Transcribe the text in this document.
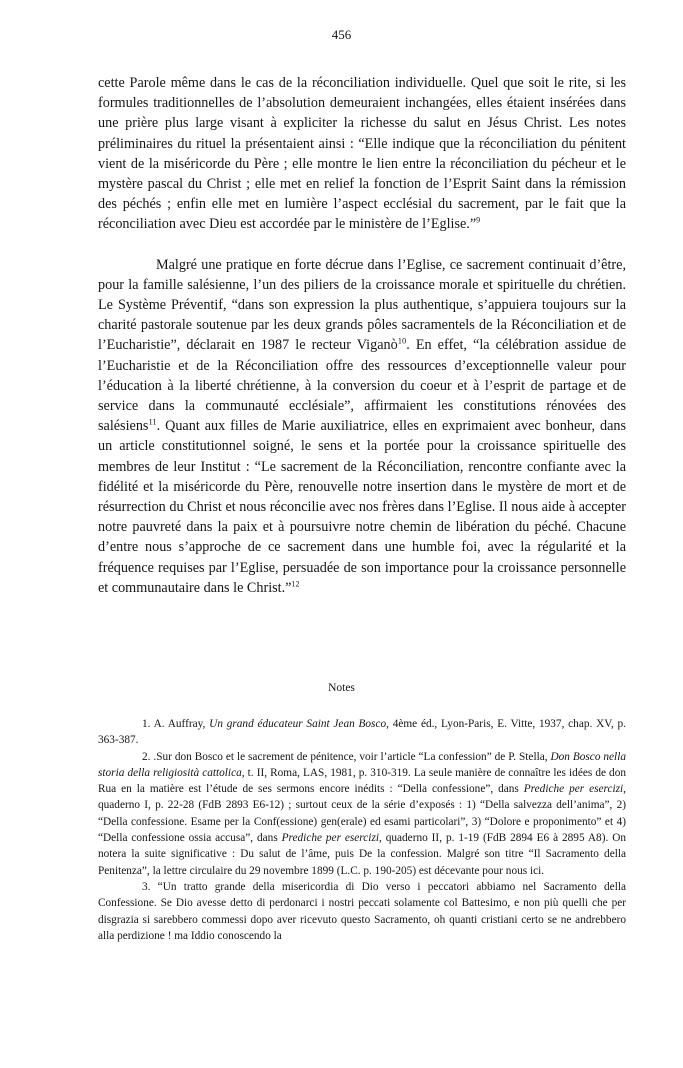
456

cette Parole même dans le cas de la réconciliation individuelle. Quel que soit le rite, si les formules traditionnelles de l’absolution demeuraient inchangées, elles étaient insérées dans une prière plus large visant à expliciter la richesse du salut en Jésus Christ. Les notes préliminaires du rituel la présentaient ainsi : “Elle indique que la réconciliation du pénitent vient de la miséricorde du Père ; elle montre le lien entre la réconciliation du pécheur et le mystère pascal du Christ ; elle met en relief la fonction de l’Esprit Saint dans la rémission des péchés ; enfin elle met en lumière l’aspect ecclésial du sacrement, par le fait que la réconciliation avec Dieu est accordée par le ministère de l’Eglise.”$^9$

Malgré une pratique en forte décrue dans l’Eglise, ce sacrement continuait d’être, pour la famille salésienne, l’un des piliers de la croissance morale et spirituelle du chrétien. Le Système Préventif, “dans son expression la plus authentique, s’appuiera toujours sur la charité pastorale soutenue par les deux grands pôles sacramentels de la Réconciliation et de l’Eucharistie”, déclarait en 1987 le recteur Viganò$^{10}$. En effet, “la célébration assidue de l’Eucharistie et de la Réconciliation offre des ressources d’exceptionnelle valeur pour l’éducation à la liberté chrétienne, à la conversion du coeur et à l’esprit de partage et de service dans la communauté ecclésiale”, affirmaient les constitutions rénovées des salésiens$^{11}$. Quant aux filles de Marie auxiliatrice, elles en exprimaient avec bonheur, dans un article constitutionnel soigné, le sens et la portée pour la croissance spirituelle des membres de leur Institut : “Le sacrement de la Réconciliation, rencontre confiante avec la fidélité et la miséricorde du Père, renouvelle notre insertion dans le mystère de mort et de résurrection du Christ et nous réconcilie avec nos frères dans l’Eglise. Il nous aide à accepter notre pauvreté dans la paix et à poursuivre notre chemin de libération du péché. Chacune d’entre nous s’approche de ce sacrement dans une humble foi, avec la régularité et la fréquence requises par l’Eglise, persuadée de son importance pour la croissance personnelle et communautaire dans le Christ.”$^{12}$

Notes

1. A. Auffray, Un grand éducateur Saint Jean Bosco, 4ème éd., Lyon-Paris, E. Vitte, 1937, chap. XV, p. 363-387.

2. .Sur don Bosco et le sacrement de pénitence, voir l’article “La confession” de P. Stella, Don Bosco nella storia della religiosità cattolica, t. II, Roma, LAS, 1981, p. 310-319. La seule manière de connaître les idées de don Rua en la matière est l’étude de ses sermons encore inédits : “Della confessione”, dans Prediche per esercizi, quaderno I, p. 22-28 (FdB 2893 E6-12) ; surtout ceux de la série d’exposés : 1) “Della salvezza dell’anima”, 2) “Della confessione. Esame per la Conf(essione) gen(erale) ed esami particolari”, 3) “Dolore e proponimento” et 4) “Della confessione ossia accusa”, dans Prediche per esercizi, quaderno II, p. 1-19 (FdB 2894 E6 à 2895 A8). On notera la suite significative : Du salut de l’âme, puis De la confession. Malgré son titre “Il Sacramento della Penitenza”, la lettre circulaire du 29 novembre 1899 (L.C. p. 190-205) est décevante pour nous ici.

3. “Un tratto grande della misericordia di Dio verso i peccatori abbiamo nel Sacramento della Confessione. Se Dio avesse detto di perdonarci i nostri peccati solamente col Battesimo, e non più quelli che per disgrazia si sarebbero commessi dopo aver ricevuto questo Sacramento, oh quanti cristiani certo se ne andrebbero alla perdizione ! ma Iddio conoscendo la
